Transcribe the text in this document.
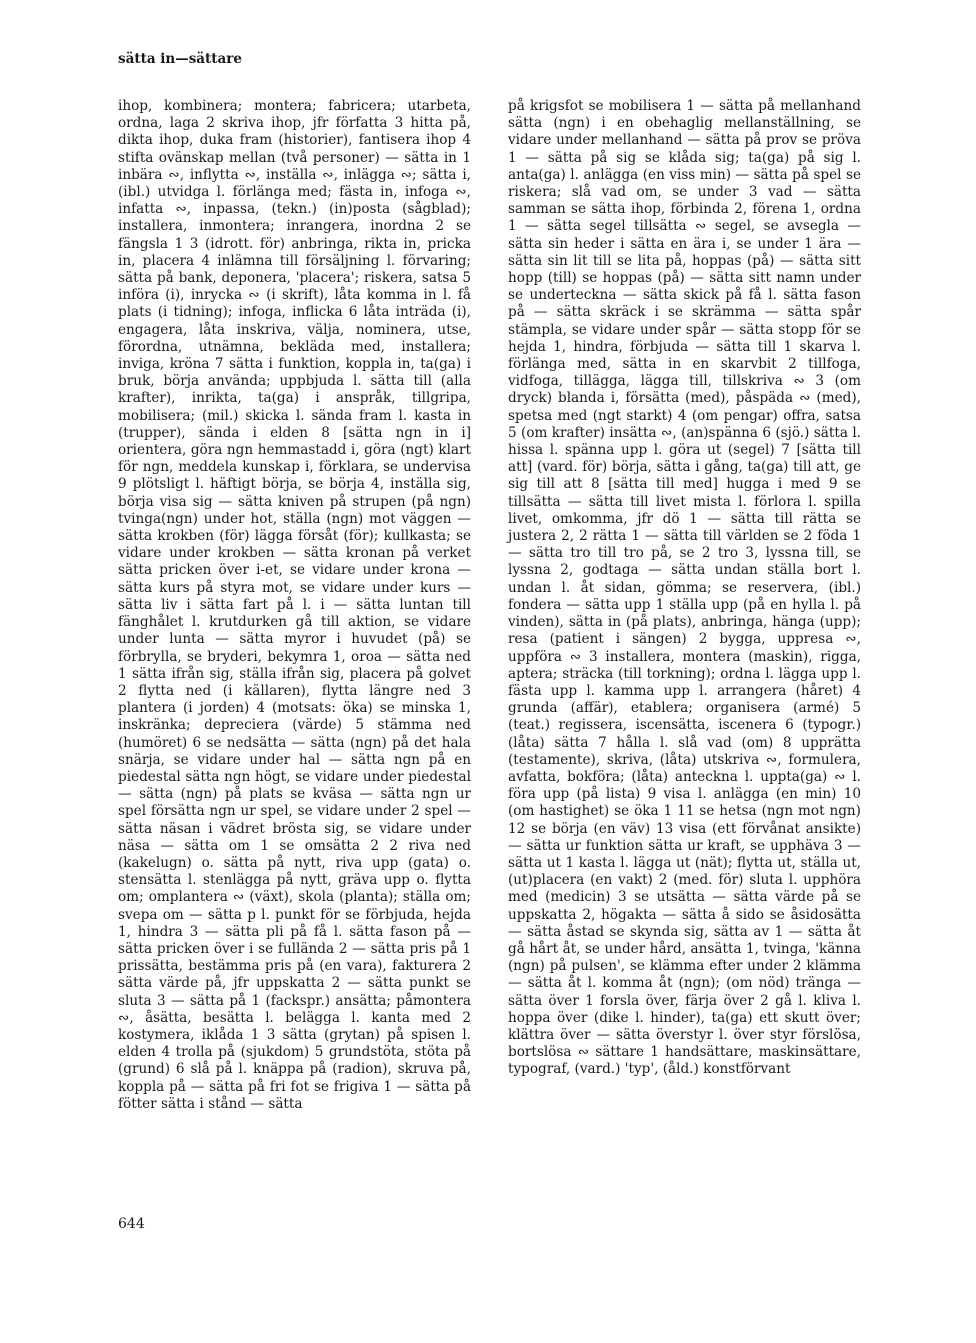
sätta in—sättare

ihop, kombinera; montera; fabricera; utarbeta, ordna, laga 2 skriva ihop, jfr författa 3 hitta på, dikta ihop, duka fram (historier), fantisera ihop 4 stifta ovänskap mellan (två personer) — sätta in 1 inbära ∾, inflytta ∾, inställa ∾, inlägga ∾; sätta i, (ibl.) utvidga l. förlänga med; fästa in, infoga ∾, infatta ∾, inpassa, (tekn.) (in)posta (sågblad); installera, inmontera; inrangera, inordna 2 se fängsla 1 3 (idrott. för) anbringa, rikta in, pricka in, placera 4 inlämna till försäljning l. förvaring; sätta på bank, deponera, 'placera'; riskera, satsa 5 införa (i), inrycka ∾ (i skrift), låta komma in l. få plats (i tidning); infoga, inflicka 6 låta inträda (i), engagera, låta inskriva, välja, nominera, utse, förordna, utnämna, bekläda med, installera; inviga, kröna 7 sätta i funktion, koppla in, ta(ga) i bruk, börja använda; uppbjuda l. sätta till (alla krafter), inrikta, ta(ga) i anspråk, tillgripa, mobilisera; (mil.) skicka l. sända fram l. kasta in (trupper), sända i elden 8 [sätta ngn in i] orientera, göra ngn hemmastadd i, göra (ngt) klart för ngn, meddela kunskap i, förklara, se undervisa 9 plötsligt l. häftigt börja, se börja 4, inställa sig, börja visa sig — sätta kniven på strupen (på ngn) tvinga(ngn) under hot, ställa (ngn) mot väggen — sätta krokben (för) lägga försåt (för); kullkasta; se vidare under krokben — sätta kronan på verket sätta pricken över i-et, se vidare under krona — sätta kurs på styra mot, se vidare under kurs — sätta liv i sätta fart på l. i — sätta luntan till fänghålet l. krutdurken gå till aktion, se vidare under lunta — sätta myror i huvudet (på) se förbrylla, se bryderi, bekymra 1, oroa — sätta ned 1 sätta ifrån sig, ställa ifrån sig, placera på golvet 2 flytta ned (i källaren), flytta längre ned 3 plantera (i jorden) 4 (motsats: öka) se minska 1, inskränka; depreciera (värde) 5 stämma ned (humöret) 6 se nedsätta — sätta (ngn) på det hala snärja, se vidare under hal — sätta ngn på en piedestal sätta ngn högt, se vidare under piedestal — sätta (ngn) på plats se kväsa — sätta ngn ur spel försätta ngn ur spel, se vidare under 2 spel — sätta näsan i vädret brösta sig, se vidare under näsa — sätta om 1 se omsätta 2 2 riva ned (kakelugn) o. sätta på nytt, riva upp (gata) o. stensätta l. stenlägga på nytt, gräva upp o. flytta om; omplantera ∾ (växt), skola (planta); ställa om; svepa om — sätta p l. punkt för se förbjuda, hejda 1, hindra 3 — sätta pli på få l. sätta fason på — sätta pricken över i se fullända 2 — sätta pris på 1 prissätta, bestämma pris på (en vara), fakturera 2 sätta värde på, jfr uppskatta 2 — sätta punkt se sluta 3 — sätta på 1 (fackspr.) ansätta; påmontera ∾, åsätta, besätta l. belägga l. kanta med 2 kostymera, iklåda 1 3 sätta (grytan) på spisen l. elden 4 trolla på (sjukdom) 5 grundstöta, stöta på (grund) 6 slå på l. knäppa på (radion), skruva på, koppla på — sätta på fri fot se frigiva 1 — sätta på fötter sätta i stånd — sätta

på krigsfot se mobilisera 1 — sätta på mellanhand sätta (ngn) i en obehaglig mellanställning, se vidare under mellanhand — sätta på prov se pröva 1 — sätta på sig se klåda sig; ta(ga) på sig l. anta(ga) l. anlägga (en viss min) — sätta på spel se riskera; slå vad om, se under 3 vad — sätta samman se sätta ihop, förbinda 2, förena 1, ordna 1 — sätta segel tillsätta ∾ segel, se avsegla — sätta sin heder i sätta en ära i, se under 1 ära — sätta sin lit till se lita på, hoppas (på) — sätta sitt hopp (till) se hoppas (på) — sätta sitt namn under se underteckna — sätta skick på få l. sätta fason på — sätta skräck i se skrämma — sätta spår stämpla, se vidare under spår — sätta stopp för se hejda 1, hindra, förbjuda — sätta till 1 skarva l. förlänga med, sätta in en skarvbit 2 tillfoga, vidfoga, tillägga, lägga till, tillskriva ∾ 3 (om dryck) blanda i, försätta (med), påspäda ∾ (med), spetsa med (ngt starkt) 4 (om pengar) offra, satsa 5 (om krafter) insätta ∾, (an)spänna 6 (sjö.) sätta l. hissa l. spänna upp l. göra ut (segel) 7 [sätta till att] (vard. för) börja, sätta i gång, ta(ga) till att, ge sig till att 8 [sätta till med] hugga i med 9 se tillsätta — sätta till livet mista l. förlora l. spilla livet, omkomma, jfr dö 1 — sätta till rätta se justera 2, 2 rätta 1 — sätta till världen se 2 föda 1 — sätta tro till tro på, se 2 tro 3, lyssna till, se lyssna 2, godtaga — sätta undan ställa bort l. undan l. åt sidan, gömma; se reservera, (ibl.) fondera — sätta upp 1 ställa upp (på en hylla l. på vinden), sätta in (på plats), anbringa, hänga (upp); resa (patient i sängen) 2 bygga, uppresa ∾, uppföra ∾ 3 installera, montera (maskin), rigga, aptera; sträcka (till torkning); ordna l. lägga upp l. fästa upp l. kamma upp l. arrangera (håret) 4 grunda (affär), etablera; organisera (armé) 5 (teat.) regissera, iscensätta, iscenera 6 (typogr.) (låta) sätta 7 hålla l. slå vad (om) 8 upprätta (testamente), skriva, (låta) utskriva ∾, formulera, avfatta, bokföra; (låta) anteckna l. uppta(ga) ∾ l. föra upp (på lista) 9 visa l. anlägga (en min) 10 (om hastighet) se öka 1 11 se hetsa (ngn mot ngn) 12 se börja (en väv) 13 visa (ett förvånat ansikte) — sätta ur funktion sätta ur kraft, se upphäva 3 — sätta ut 1 kasta l. lägga ut (nät); flytta ut, ställa ut, (ut)placera (en vakt) 2 (med. för) sluta l. upphöra med (medicin) 3 se utsätta — sätta värde på se uppskatta 2, högakta — sätta å sido se åsidosätta — sätta åstad se skynda sig, sätta av 1 — sätta åt gå hårt åt, se under hård, ansätta 1, tvinga, 'känna (ngn) på pulsen', se klämma efter under 2 klämma — sätta åt l. komma åt (ngn); (om nöd) tränga — sätta över 1 forsla över, färja över 2 gå l. kliva l. hoppa över (dike l. hinder), ta(ga) ett skutt över; klättra över — sätta överstyr l. över styr förslösa, bortslösa ∾ sättare 1 handsättare, maskinsättare, typograf, (vard.) 'typ', (åld.) konstförvant

644
